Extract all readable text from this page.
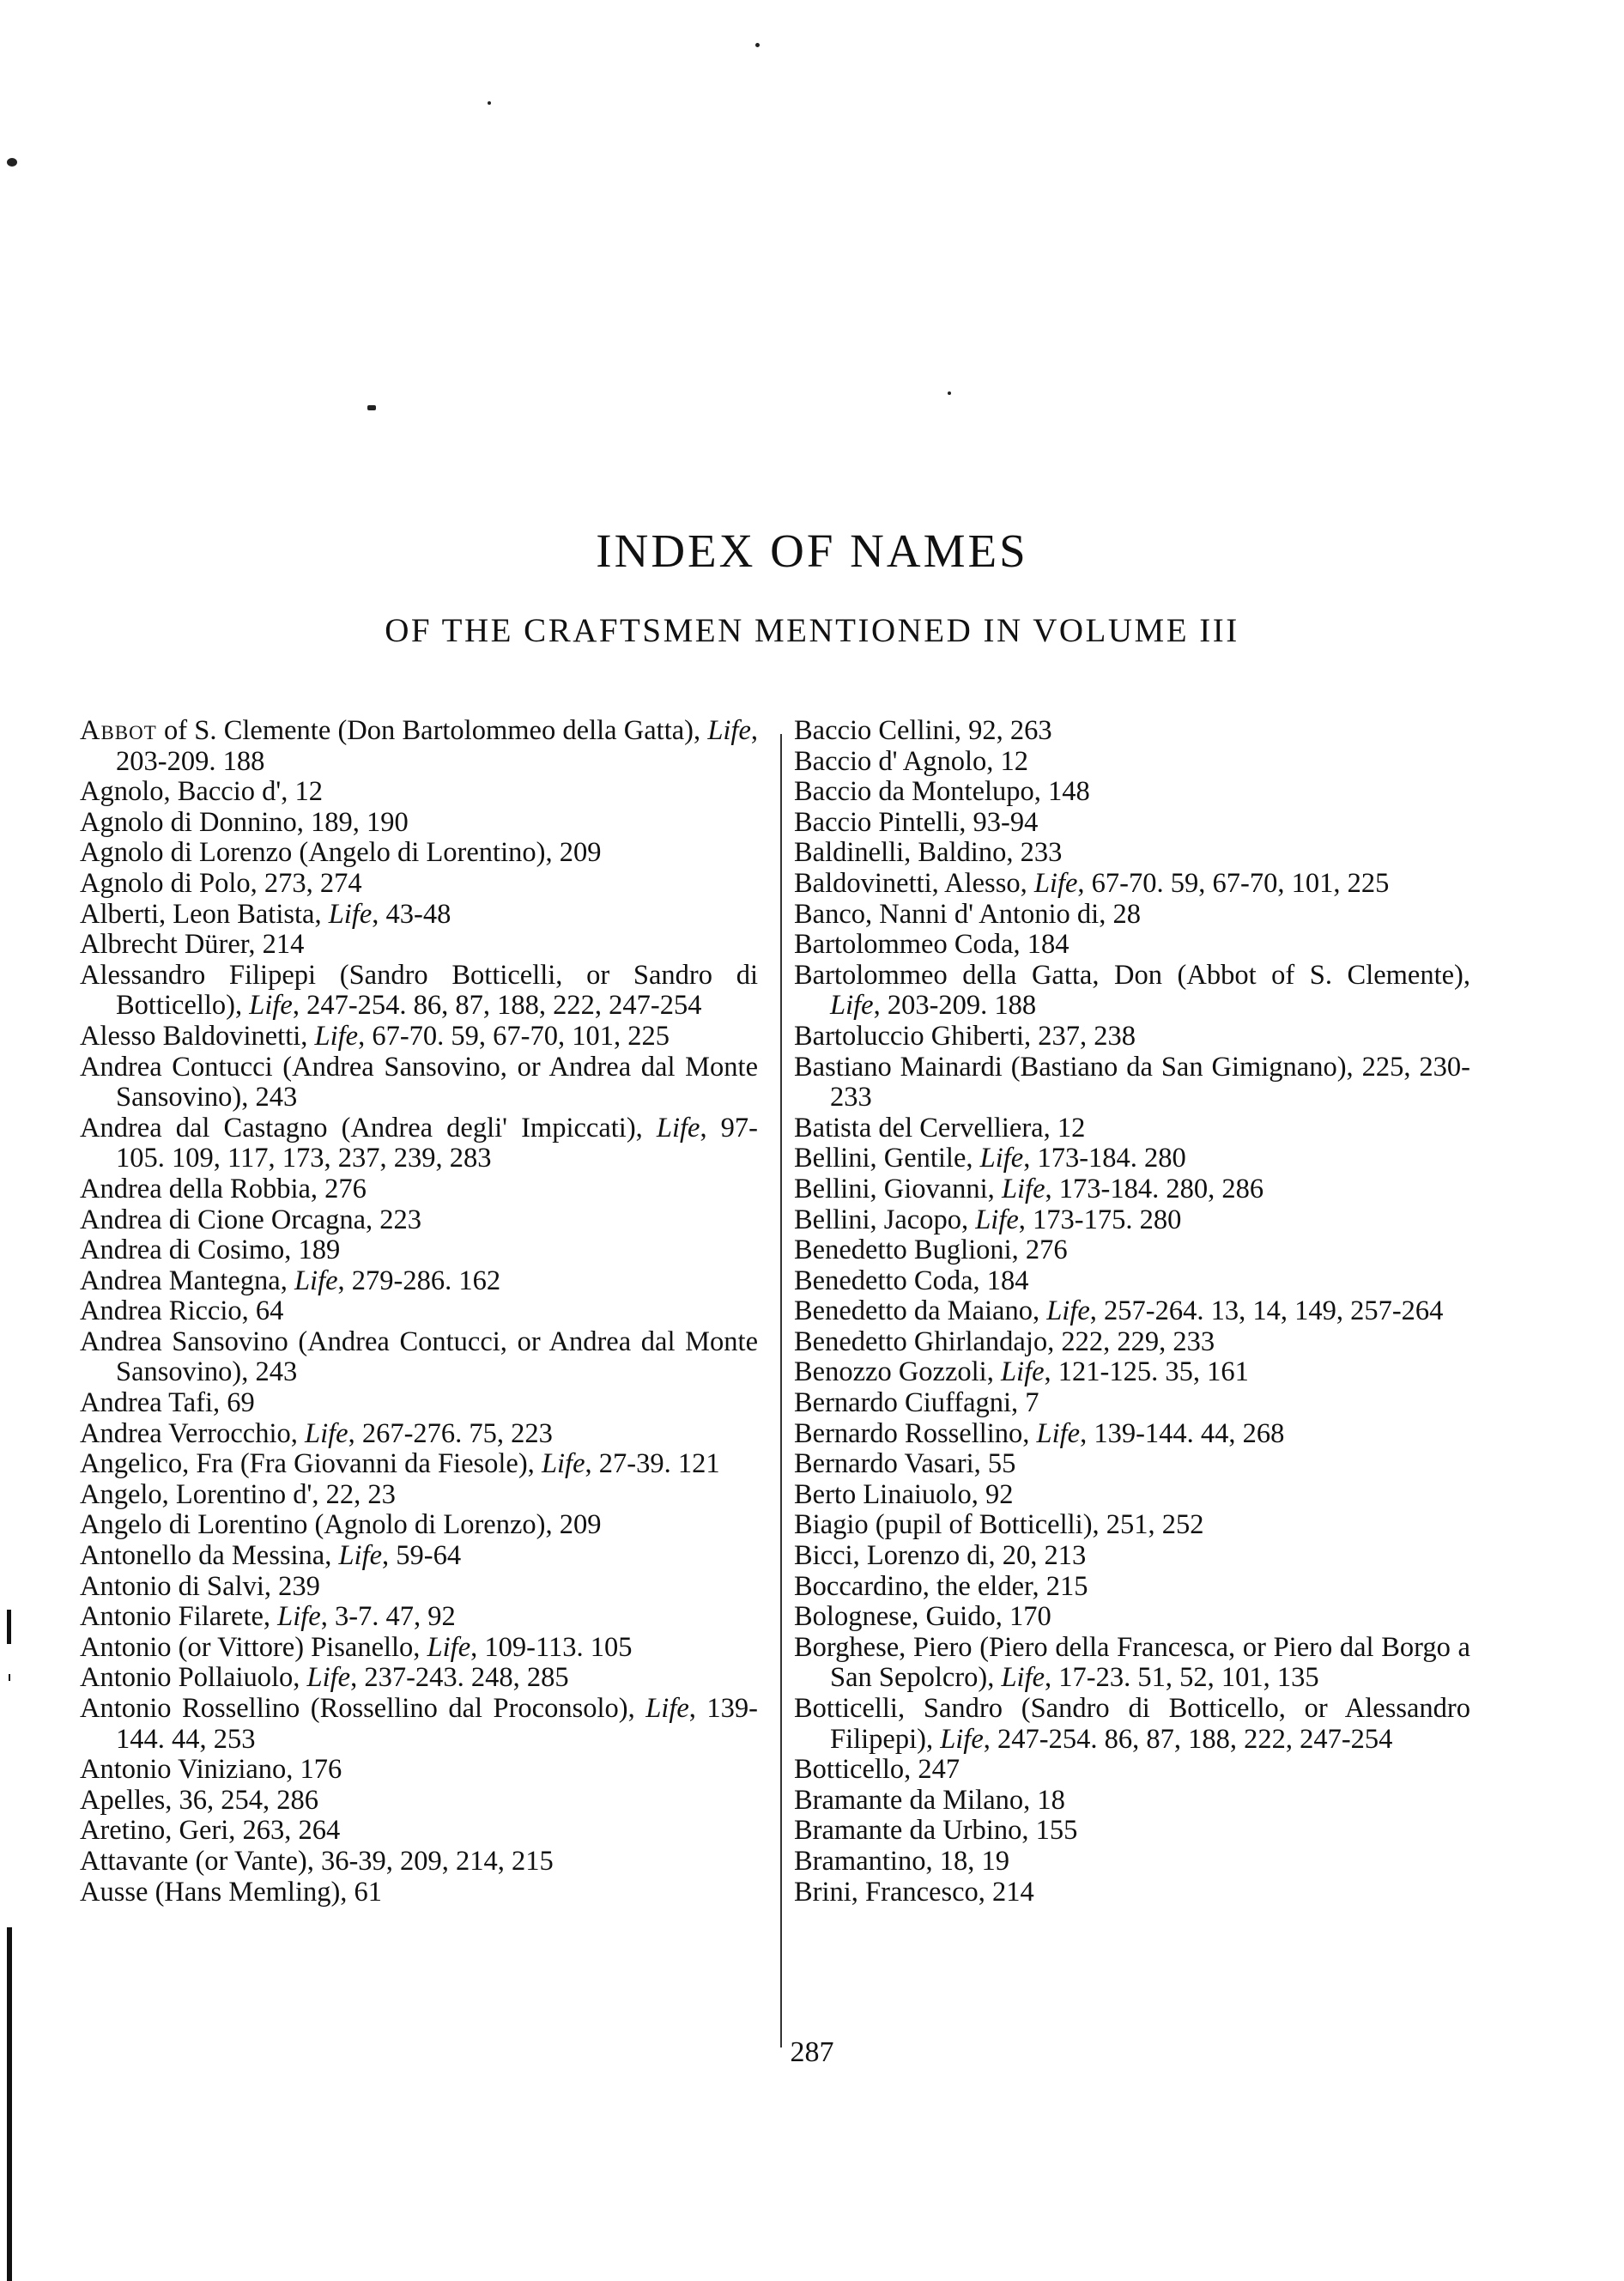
INDEX OF NAMES
OF THE CRAFTSMEN MENTIONED IN VOLUME III
Abbot of S. Clemente (Don Bartolommeo della Gatta), Life, 203-209. 188
Agnolo, Baccio d', 12
Agnolo di Donnino, 189, 190
Agnolo di Lorenzo (Angelo di Lorentino), 209
Agnolo di Polo, 273, 274
Alberti, Leon Batista, Life, 43-48
Albrecht Dürer, 214
Alessandro Filipepi (Sandro Botticelli, or Sandro di Botticello), Life, 247-254. 86, 87, 188, 222, 247-254
Alesso Baldovinetti, Life, 67-70. 59, 67-70, 101, 225
Andrea Contucci (Andrea Sansovino, or Andrea dal Monte Sansovino), 243
Andrea dal Castagno (Andrea degli' Impiccati), Life, 97-105. 109, 117, 173, 237, 239, 283
Andrea della Robbia, 276
Andrea di Cione Orcagna, 223
Andrea di Cosimo, 189
Andrea Mantegna, Life, 279-286. 162
Andrea Riccio, 64
Andrea Sansovino (Andrea Contucci, or Andrea dal Monte Sansovino), 243
Andrea Tafi, 69
Andrea Verrocchio, Life, 267-276. 75, 223
Angelico, Fra (Fra Giovanni da Fiesole), Life, 27-39. 121
Angelo, Lorentino d', 22, 23
Angelo di Lorentino (Agnolo di Lorenzo), 209
Antonello da Messina, Life, 59-64
Antonio di Salvi, 239
Antonio Filarete, Life, 3-7. 47, 92
Antonio (or Vittore) Pisanello, Life, 109-113. 105
Antonio Pollaiuolo, Life, 237-243. 248, 285
Antonio Rossellino (Rossellino dal Proconsolo), Life, 139-144. 44, 253
Antonio Viniziano, 176
Apelles, 36, 254, 286
Aretino, Geri, 263, 264
Attavante (or Vante), 36-39, 209, 214, 215
Ausse (Hans Memling), 61
Baccio Cellini, 92, 263
Baccio d' Agnolo, 12
Baccio da Montelupo, 148
Baccio Pintelli, 93-94
Baldinelli, Baldino, 233
Baldovinetti, Alesso, Life, 67-70. 59, 67-70, 101, 225
Banco, Nanni d' Antonio di, 28
Bartolommeo Coda, 184
Bartolommeo della Gatta, Don (Abbot of S. Clemente), Life, 203-209. 188
Bartoluccio Ghiberti, 237, 238
Bastiano Mainardi (Bastiano da San Gimignano), 225, 230-233
Batista del Cervelliera, 12
Bellini, Gentile, Life, 173-184. 280
Bellini, Giovanni, Life, 173-184. 280, 286
Bellini, Jacopo, Life, 173-175. 280
Benedetto Buglioni, 276
Benedetto Coda, 184
Benedetto da Maiano, Life, 257-264. 13, 14, 149, 257-264
Benedetto Ghirlandajo, 222, 229, 233
Benozzo Gozzoli, Life, 121-125. 35, 161
Bernardo Ciuffagni, 7
Bernardo Rossellino, Life, 139-144. 44, 268
Bernardo Vasari, 55
Berto Linaiuolo, 92
Biagio (pupil of Botticelli), 251, 252
Bicci, Lorenzo di, 20, 213
Boccardino, the elder, 215
Bolognese, Guido, 170
Borghese, Piero (Piero della Francesca, or Piero dal Borgo a San Sepolcro), Life, 17-23. 51, 52, 101, 135
Botticelli, Sandro (Sandro di Botticello, or Alessandro Filipepi), Life, 247-254. 86, 87, 188, 222, 247-254
Botticello, 247
Bramante da Milano, 18
Bramante da Urbino, 155
Bramantino, 18, 19
Brini, Francesco, 214
287
